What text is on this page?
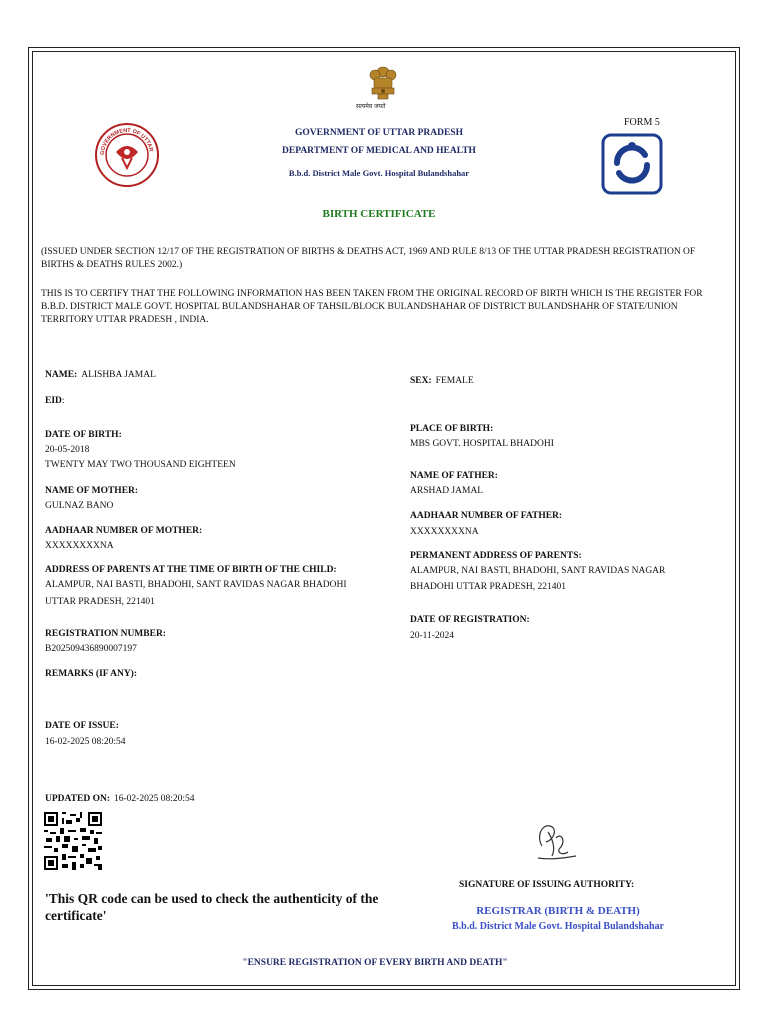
सत्यमेव जयते
GOVERNMENT OF UTTAR
GOVERNMENT OF UTTAR PRADESH
DEPARTMENT OF MEDICAL AND HEALTH
B.b.d. District Male Govt. Hospital Bulandshahar
FORM 5
BIRTH CERTIFICATE
(ISSUED UNDER SECTION 12/17 OF THE REGISTRATION OF BIRTHS & DEATHS ACT, 1969 AND RULE 8/13 OF THE UTTAR PRADESH REGISTRATION OF BIRTHS & DEATHS RULES 2002.)
THIS IS TO CERTIFY THAT THE FOLLOWING INFORMATION HAS BEEN TAKEN FROM THE ORIGINAL RECORD OF BIRTH WHICH IS THE REGISTER FOR B.B.D. DISTRICT MALE GOVT. HOSPITAL BULANDSHAHAR OF TAHSIL/BLOCK BULANDSHAHAR OF DISTRICT BULANDSHAHR OF STATE/UNION TERRITORY UTTAR PRADESH , INDIA.
NAME: ALISHBA JAMAL
EID:
DATE OF BIRTH:
20-05-2018
TWENTY MAY TWO THOUSAND EIGHTEEN
NAME OF MOTHER:
GULNAZ BANO
AADHAAR NUMBER OF MOTHER:
XXXXXXXXNA
ADDRESS OF PARENTS AT THE TIME OF BIRTH OF THE CHILD:
ALAMPUR, NAI BASTI, BHADOHI, SANT RAVIDAS NAGAR BHADOHI
UTTAR PRADESH, 221401
REGISTRATION NUMBER:
B202509436890007197
REMARKS (IF ANY):
DATE OF ISSUE:
16-02-2025 08:20:54
UPDATED ON: 16-02-2025 08:20:54
SEX: FEMALE
PLACE OF BIRTH:
MBS GOVT. HOSPITAL BHADOHI
NAME OF FATHER:
ARSHAD JAMAL
AADHAAR NUMBER OF FATHER:
XXXXXXXXNA
PERMANENT ADDRESS OF PARENTS:
ALAMPUR, NAI BASTI, BHADOHI, SANT RAVIDAS NAGAR
BHADOHI UTTAR PRADESH, 221401
DATE OF REGISTRATION:
20-11-2024
'This QR code can be used to check the authenticity of the certificate'
SIGNATURE OF ISSUING AUTHORITY:
REGISTRAR (BIRTH & DEATH)
B.b.d. District Male Govt. Hospital Bulandshahar
"ENSURE REGISTRATION OF EVERY BIRTH AND DEATH"
